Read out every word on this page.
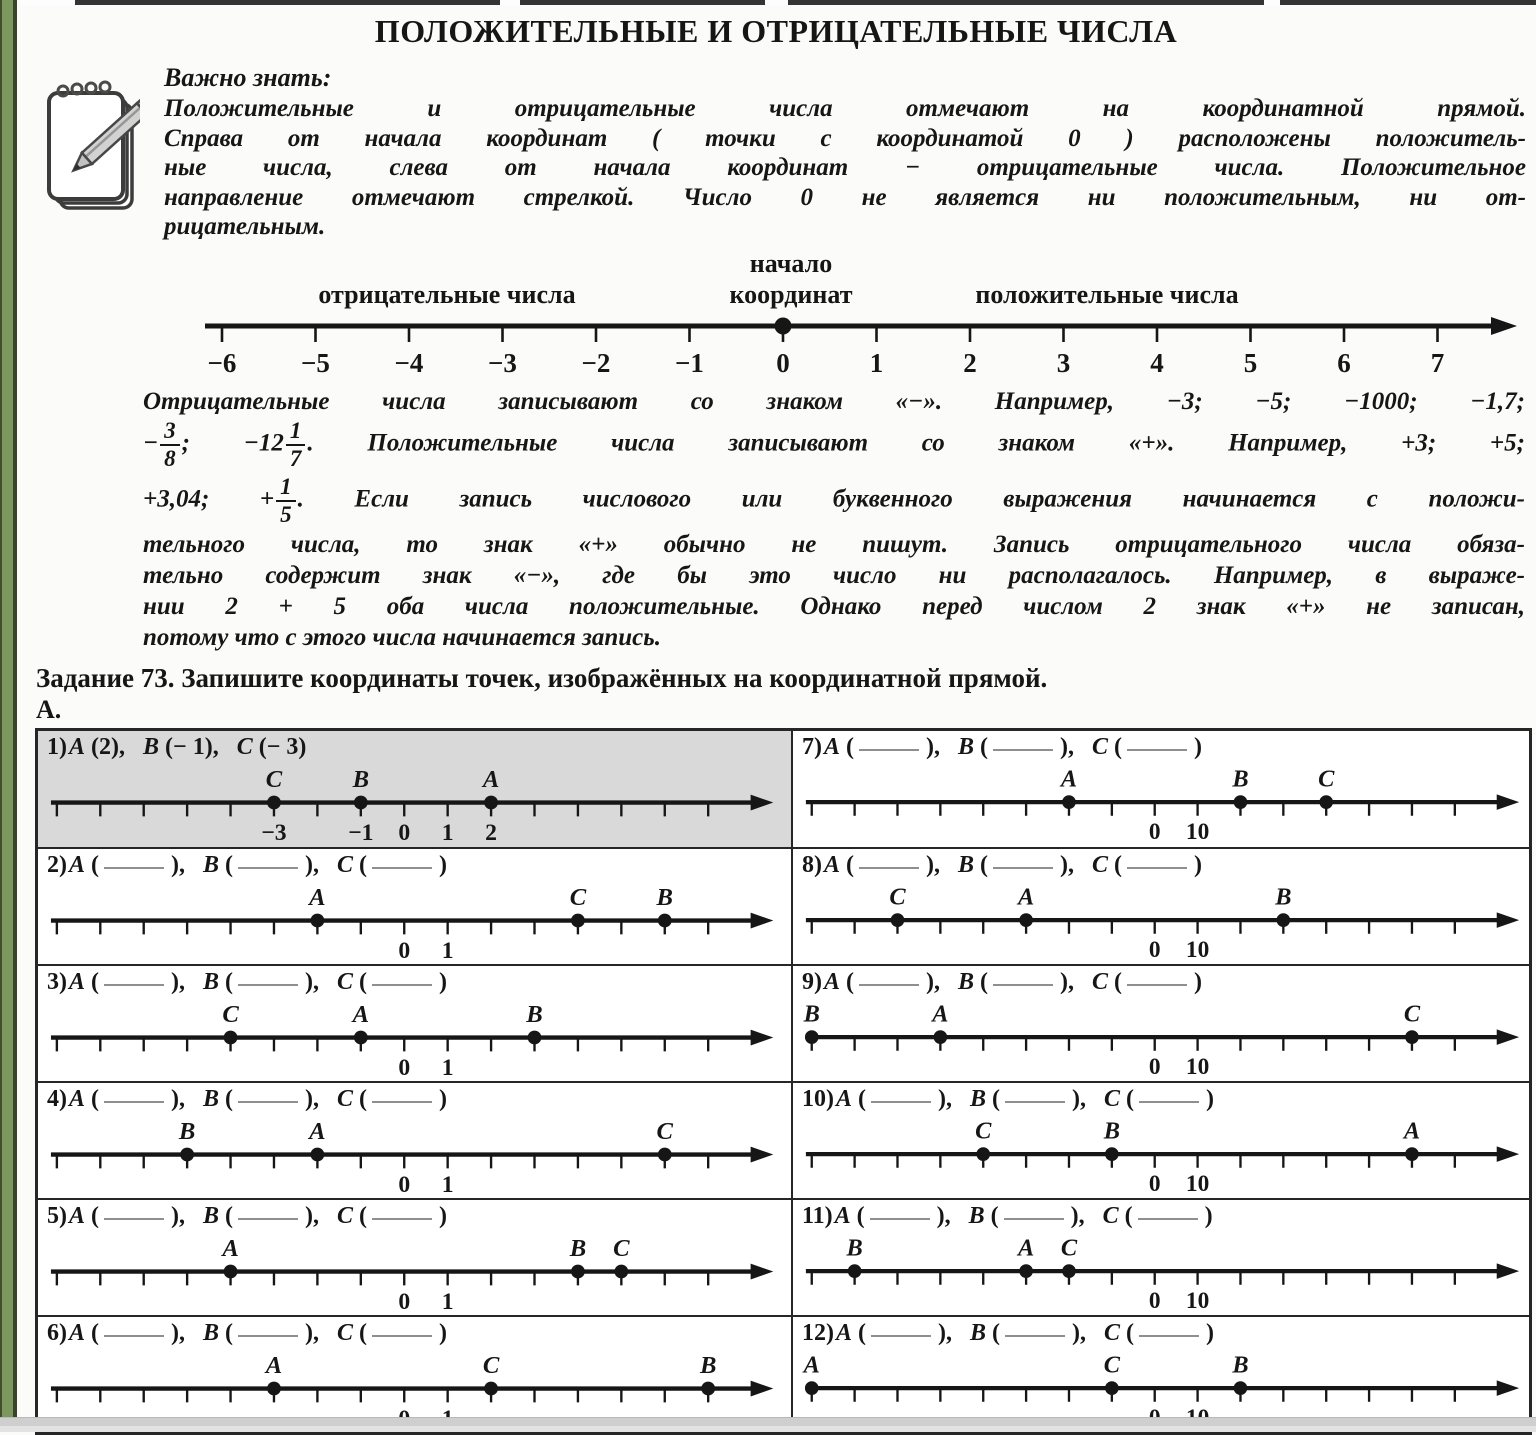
ПОЛОЖИТЕЛЬНЫЕ И ОТРИЦАТЕЛЬНЫЕ ЧИСЛА
Важно знать:
Положительные и отрицательные числа отмечают на координатной прямой.
Справа от начала координат ( точки с координатой 0 ) расположены положитель-
ные числа, слева от начала координат − отрицательные числа. Положительное
направление отмечают стрелкой. Число 0 не является ни положительным, ни от-
рицательным.
отрицательные числа
начало
координат	положительные числа
−6 −5 −4 −3 −2 −1	0	1	2	3	4	5	6	7
Отрицательные числа записывают со знаком «−». Например, −3; −5; −1000; −1,7;
− $\frac{3}{8}$ ; $-12 \frac{1}{7}$ . Положительные числа записывают со знаком «+». Например, +3; +5;
+3,04; + $\frac{1}{5}$ . Если запись числового или буквенного выражения начинается с положи-
тельного числа, то знак «+» обычно не пишут. Запись отрицательного числа обяза-
тельно содержит знак «−», где бы это число ни располагалось. Например, в выраже-
нии 2 + 5 оба числа положительные. Однако перед числом 2 знак «+» не записан,
потому что с этого числа начинается запись.
Задание 73. Запишите координаты точек, изображённых на координатной прямой.
А.
1)A (2), B (− 1), C (− 3)
−3	−1 0 1 2
C	B	A
2)A (	), B (	), C (	)
0 1
A	C	B
3)A (	), B (	), C (	)
0 1
C	A	B
4)A (	), B (	), C (	)
0 1
B	A	C
5)A (	), B (	), C (	)
0 1
A	B C
6)A (	), B (	), C (	)
A	C	B
7)A (	), B (	), C (	)
0 10
A	B	C
8)A (	), B (	), C (	)
0 10
C	A	B
9)A (	), B (	), C (	)
0 10
B	A	C
10)A (	), B (	), C (	)
0 10
C	B	A
11)A (	), B (	), C (	)
0 10
B	A C
12)A (	), B (	), C (	)
A	C	B
